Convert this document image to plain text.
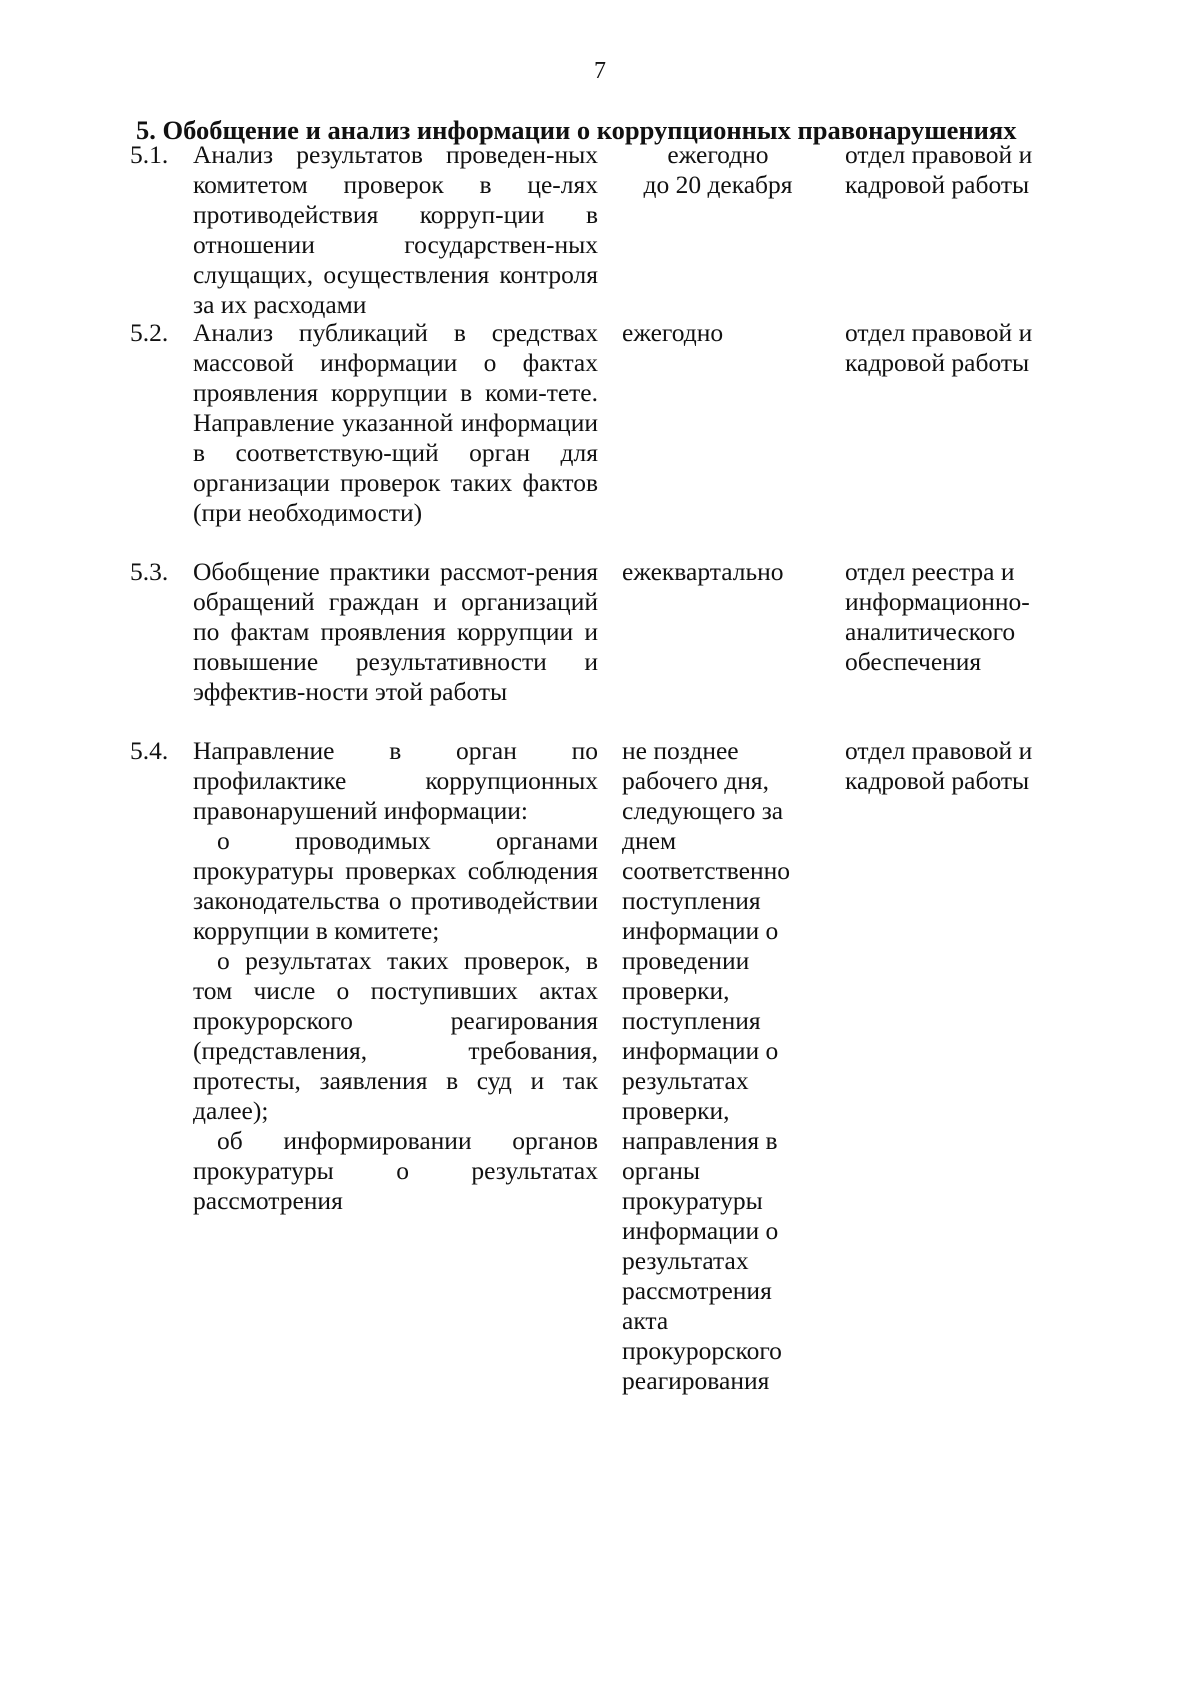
7
5. Обобщение и анализ информации о коррупционных правонарушениях
5.1. Анализ результатов проведен-ных комитетом проверок в це-лях противодействия корруп-ции в отношении государствен-ных слущащих, осуществления контроля за их расходами
ежегодно
до 20 декабря
отдел правовой и
кадровой работы
5.2. Анализ публикаций в средствах массовой информации о фактах проявления коррупции в коми-тете. Направление указанной информации в соответствую-щий орган для организации проверок таких фактов (при необходимости)
ежегодно	отдел правовой и
кадровой работы
5.3. Обобщение практики рассмот-рения обращений граждан и организаций по фактам проявления коррупции и повышение результативности и эффектив-ности этой работы
ежеквартально	отдел реестра и
информационно-
аналитического
обеспечения
5.4. Направление в орган по профилактике коррупционных правонарушений информации:

о проводимых органами прокуратуры проверках соблюдения законодательства о противодействии коррупции в комитете;

о результатах таких проверок, в том числе о поступивших актах прокурорского реагирования (представления, требования, протесты, заявления в суд и так далее);

об информировании органов прокуратуры о результатах рассмотрения

не позднее
рабочего дня,
следующего за
днем
соответственно
поступления
информации о
проведении
проверки,
поступления
информации о
результатах
проверки,
направления в
органы
прокуратуры
информации о
результатах
рассмотрения
акта
прокурорского
реагирования
отдел правовой и
кадровой работы
